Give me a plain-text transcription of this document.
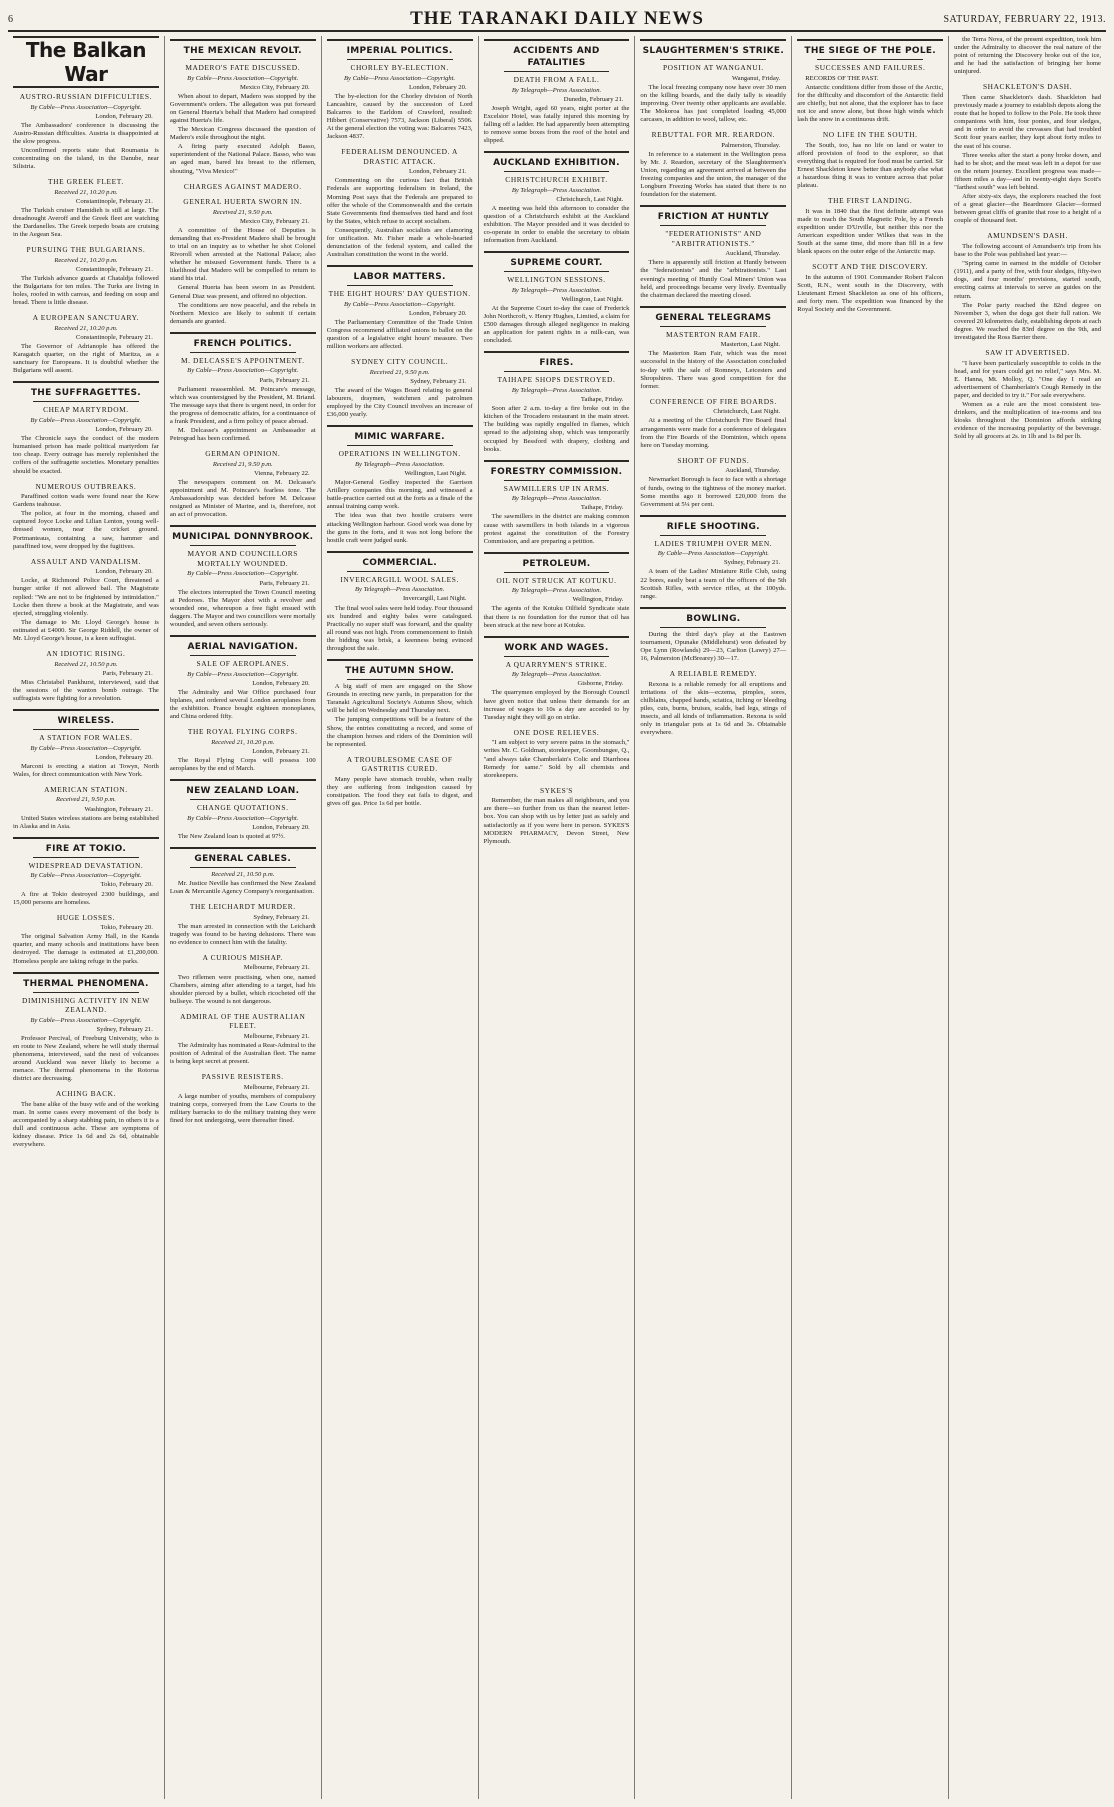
6	THE TARANAKI DAILY NEWS	SATURDAY, FEBRUARY 22, 1913.
The Balkan War
AUSTRO-RUSSIAN DIFFICULTIES.
By Cable—Press Association—Copyright.
London, February 20.

The Ambassadors' conference is discussing the Austro-Russian difficulties. Austria is disappointed at the slow progress.

Unconfirmed reports state that Roumania is concentrating on the island, in the Danube, near Silistria.

THE GREEK FLEET.
Received 21, 10.20 p.m.
Constantinople, February 21.

The Turkish cruiser Hamidieh is still at large. The dreadnought Averoff and the Greek fleet are watching the Dardanelles. The Greek torpedo boats are cruising in the Aegean Sea.

PURSUING THE BULGARIANS.
Received 21, 10.20 p.m.
Constantinople, February 21.

The Turkish advance guards at Chataldja followed the Bulgarians for ten miles. The Turks are living in holes, roofed in with canvas, and feeding on soup and bread. There is little disease.

A EUROPEAN SANCTUARY.
Received 21, 10.20 p.m.
Constantinople, February 21.

The Governor of Adrianople has offered the Karagatch quarter, on the right of Maritza, as a sanctuary for Europeans. It is doubtful whether the Bulgarians will assent.

THE SUFFRAGETTES.
CHEAP MARTYRDOM.
By Cable—Press Association—Copyright.
London, February 20.

The Chronicle says the conduct of the modern humanised prison has made political martyrdom far too cheap. Every outrage has merely replenished the coffers of the suffragette societies. Monetary penalties should be exacted.

NUMEROUS OUTBREAKS.

Paraffined cotton wads were found near the Kew Gardens teahouse.

The police, at four in the morning, chased and captured Joyce Locke and Lilian Lenton, young well-dressed women, near the cricket ground. Portmanteaus, containing a saw, hammer and paraffined tow, were dropped by the fugitives.

ASSAULT AND VANDALISM.
London, February 20.

Locke, at Richmond Police Court, threatened a hunger strike if not allowed bail. The Magistrate replied: "We are not to be frightened by intimidation." Locke then threw a book at the Magistrate, and was ejected, struggling violently.

The damage to Mr. Lloyd George's house is estimated at £4000. Sir George Riddell, the owner of Mr. Lloyd George's house, is a keen suffragist.

AN IDIOTIC RISING.
Received 21, 10.50 p.m.
Paris, February 21.

Miss Christabel Pankhurst, interviewed, said that the sessions of the wanton bomb outrage. The suffragists were fighting for a revolution.

WIRELESS.
A STATION FOR WALES.
By Cable—Press Association—Copyright.
London, February 20.

Marconi is erecting a station at Towyn, North Wales, for direct communication with New York.

AMERICAN STATION.
Received 21, 9.50 p.m.
Washington, February 21.

United States wireless stations are being established in Alaska and in Asia.

FIRE AT TOKIO.
WIDESPREAD DEVASTATION.
By Cable—Press Association—Copyright.
Tokio, February 20.

A fire at Tokio destroyed 2300 buildings, and 15,000 persons are homeless.

HUGE LOSSES.
Tokio, February 20.

The original Salvation Army Hall, in the Kanda quarter, and many schools and institutions have been destroyed. The damage is estimated at £1,200,000. Homeless people are taking refuge in the parks.

THERMAL PHENOMENA.
DIMINISHING ACTIVITY IN NEW ZEALAND.
By Cable—Press Association—Copyright.
Sydney, February 21.

Professor Percival, of Freeburg University, who is en route to New Zealand, where he will study thermal phenomena, interviewed, said the nest of volcanoes around Auckland was never likely to become a menace. The thermal phenomena in the Rotorua district are decreasing.

ACHING BACK.

The bane alike of the busy wife and of the working man. In some cases every movement of the body is accompanied by a sharp stabbing pain, in others it is a dull and continuous ache. These are symptoms of kidney disease. Price 1s 6d and 2s 6d, obtainable everywhere.

THE MEXICAN REVOLT.
MADERO'S FATE DISCUSSED.
By Cable—Press Association—Copyright.
Mexico City, February 20.

When about to depart, Madero was stopped by the Government's orders. The allegation was put forward on General Huerta's behalf that Madero had conspired against Huerta's life.

The Mexican Congress discussed the question of Madero's exile throughout the night.

A firing party executed Adolph Basso, superintendent of the National Palace. Basso, who was an aged man, bared his breast to the riflemen, shouting, "Viva Mexico!"

CHARGES AGAINST MADERO.
GENERAL HUERTA SWORN IN.
Received 21, 9.50 p.m.
Mexico City, February 21.

A committee of the House of Deputies is demanding that ex-President Madero shall be brought to trial on an inquiry as to whether he shot Colonel Rivoroll when arrested at the National Palace; also whether he misused Government funds. There is a likelihood that Madero will be compelled to return to stand his trial.

General Huerta has been sworn in as President. General Diaz was present, and offered no objection.

The conditions are now peaceful, and the rebels in Northern Mexico are likely to submit if certain demands are granted.

FRENCH POLITICS.
M. DELCASSE'S APPOINTMENT.
By Cable—Press Association—Copyright.
Paris, February 21.

Parliament reassembled. M. Poincare's message, which was countersigned by the President, M. Briand. The message says that there is urgent need, in order for the progress of democratic affairs, for a continuance of a frank President, and a firm policy of peace abroad.

M. Delcasse's appointment as Ambassador at Petrograd has been confirmed.

GERMAN OPINION.
Received 21, 9.50 p.m.
Vienna, February 22.

The newspapers comment on M. Delcasse's appointment and M. Poincare's fearless tone. The Ambassadorship was decided before M. Delcasse resigned as Minister of Marine, and is, therefore, not an act of provocation.

MUNICIPAL DONNYBROOK.
MAYOR AND COUNCILLORS MORTALLY WOUNDED.
By Cable—Press Association—Copyright.
Paris, February 21.

The electors interrupted the Town Council meeting at Pedoroes. The Mayor shot with a revolver and wounded one, whereupon a free fight ensued with daggers. The Mayor and two councillors were mortally wounded, and seven others seriously.

AERIAL NAVIGATION.
SALE OF AEROPLANES.
By Cable—Press Association—Copyright.
London, February 20.

The Admiralty and War Office purchased four biplanes, and ordered several London aeroplanes from the exhibition. France bought eighteen monoplanes, and China ordered fifty.

THE ROYAL FLYING CORPS.
Received 21, 10.20 p.m.
London, February 21.

The Royal Flying Corps will possess 100 aeroplanes by the end of March.

NEW ZEALAND LOAN.
CHANGE QUOTATIONS.
By Cable—Press Association—Copyright.
London, February 20.

The New Zealand loan is quoted at 97½.

GENERAL CABLES.
Received 21, 10.50 p.m.

Mr. Justice Neville has confirmed the New Zealand Loan & Mercantile Agency Company's reorganisation.

THE LEICHARDT MURDER.
Sydney, February 21.

The man arrested in connection with the Leichardt tragedy was found to be having delusions. There was no evidence to connect him with the fatality.

A CURIOUS MISHAP.
Melbourne, February 21.

Two riflemen were practising, when one, named Chambers, aiming after attending to a target, had his shoulder pierced by a bullet, which ricocheted off the bullseye. The wound is not dangerous.

ADMIRAL OF THE AUSTRALIAN FLEET.
Melbourne, February 21.

The Admiralty has nominated a Rear-Admiral to the position of Admiral of the Australian fleet. The name is being kept secret at present.

PASSIVE RESISTERS.
Melbourne, February 21.

A large number of youths, members of compulsory training corps, conveyed from the Law Courts to the military barracks to do the military training they were fined for not undergoing, were thereafter fined.

IMPERIAL POLITICS.
CHORLEY BY-ELECTION.
By Cable—Press Association—Copyright.
London, February 20.

The by-election for the Chorley division of North Lancashire, caused by the succession of Lord Balcarres to the Earldom of Crawford, resulted: Hibbert (Conservative) 7573, Jackson (Liberal) 5506. At the general election the voting was: Balcarres 7423, Jackson 4837.

FEDERALISM DENOUNCED. A DRASTIC ATTACK.
London, February 21.

Commenting on the curious fact that British Federals are supporting federalism in Ireland, the Morning Post says that the Federals are prepared to offer the whole of the Commonwealth and the certain State Governments find themselves tied hand and foot by the States, which refuse to accept socialism.

Consequently, Australian socialists are clamoring for unification. Mr. Fisher made a whole-hearted denunciation of the federal system, and called the Australian constitution the worst in the world.

LABOR MATTERS.
THE EIGHT HOURS' DAY QUESTION.
By Cable—Press Association—Copyright.
London, February 20.

The Parliamentary Committee of the Trade Union Congress recommend affiliated unions to ballot on the question of a legislative eight hours' measure. Two million workers are affected.

SYDNEY CITY COUNCIL.
Received 21, 9.50 p.m.
Sydney, February 21.

The award of the Wages Board relating to general labourers, draymen, watchmen and patrolmen employed by the City Council involves an increase of £36,000 yearly.

MIMIC WARFARE.
OPERATIONS IN WELLINGTON.
By Telegraph—Press Association.
Wellington, Last Night.

Major-General Godley inspected the Garrison Artillery companies this morning, and witnessed a battle-practice carried out at the forts as a finale of the annual training camp work.

The idea was that two hostile cruisers were attacking Wellington harbour. Good work was done by the guns in the forts, and it was not long before the hostile craft were judged sunk.

COMMERCIAL.
INVERCARGILL WOOL SALES.
By Telegraph—Press Association.
Invercargill, Last Night.

The final wool sales were held today. Four thousand six hundred and eighty bales were catalogued. Practically no super stuff was forward, and the quality all round was not high. From commencement to finish the bidding was brisk, a keenness being evinced throughout the sale.

THE AUTUMN SHOW.

A big staff of men are engaged on the Show Grounds in erecting new yards, in preparation for the Taranaki Agricultural Society's Autumn Show, which will be held on Wednesday and Thursday next.

The jumping competitions will be a feature of the Show, the entries constituting a record, and some of the champion horses and riders of the Dominion will be represented.

A TROUBLESOME CASE OF GASTRITIS CURED.

Many people have stomach trouble, when really they are suffering from indigestion caused by constipation. The food they eat fails to digest, and gives off gas. Price 1s 6d per bottle.

ACCIDENTS AND FATALITIES
DEATH FROM A FALL.
By Telegraph—Press Association.
Dunedin, February 21.

Joseph Wright, aged 60 years, night porter at the Excelsior Hotel, was fatally injured this morning by falling off a ladder. He had apparently been attempting to remove some boxes from the roof of the hotel and slipped.

AUCKLAND EXHIBITION.
CHRISTCHURCH EXHIBIT.
By Telegraph—Press Association.
Christchurch, Last Night.

A meeting was held this afternoon to consider the question of a Christchurch exhibit at the Auckland exhibition. The Mayor presided and it was decided to co-operate in order to enable the secretary to obtain information from Auckland.

SUPREME COURT.
WELLINGTON SESSIONS.
By Telegraph—Press Association.
Wellington, Last Night.

At the Supreme Court to-day the case of Frederick John Northcroft, v. Henry Hughes, Limited, a claim for £500 damages through alleged negligence in making an application for patent rights in a milk-can, was concluded.

FIRES.
TAIHAPE SHOPS DESTROYED.
By Telegraph—Press Association.
Taihape, Friday.

Soon after 2 a.m. to-day a fire broke out in the kitchen of the Trocadero restaurant in the main street. The building was rapidly engulfed in flames, which spread to the adjoining shop, which was temporarily occupied by Bessford with drapery, clothing and books.

FORESTRY COMMISSION.
SAWMILLERS UP IN ARMS.
By Telegraph—Press Association.
Taihape, Friday.

The sawmillers in the district are making common cause with sawmillers in both islands in a vigorous protest against the constitution of the Forestry Commission, and are preparing a petition.

PETROLEUM.
OIL NOT STRUCK AT KOTUKU.
By Telegraph—Press Association.
Wellington, Friday.

The agents of the Kotuku Oilfield Syndicate state that there is no foundation for the rumor that oil has been struck at the new bore at Kotuku.

WORK AND WAGES.
A QUARRYMEN'S STRIKE.
By Telegraph—Press Association.
Gisborne, Friday.

The quarrymen employed by the Borough Council have given notice that unless their demands for an increase of wages to 10s a day are acceded to by Tuesday night they will go on strike.

ONE DOSE RELIEVES.

"I am subject to very severe pains in the stomach," writes Mr. C. Goldman, storekeeper, Goombungee, Q., "and always take Chamberlain's Colic and Diarrhoea Remedy for same." Sold by all chemists and storekeepers.

SYKES'S

Remember, the man makes all neighbours, and you are there—so further from us than the nearest letter-box. You can shop with us by letter just as safely and satisfactorily as if you were here in person. SYKES'S MODERN PHARMACY, Devon Street, New Plymouth.

SLAUGHTERMEN'S STRIKE.
POSITION AT WANGANUI.
Wanganui, Friday.

The local freezing company now have over 30 men on the killing boards, and the daily tally is steadily improving. Over twenty other applicants are available. The Mokoroa has just completed loading 45,000 carcases, in addition to wool, tallow, etc.

REBUTTAL FOR MR. REARDON.
Palmerston, Thursday.

In reference to a statement in the Wellington press by Mr. J. Reardon, secretary of the Slaughtermen's Union, regarding an agreement arrived at between the freezing companies and the union, the manager of the Longburn Freezing Works has stated that there is no foundation for the statement.

FRICTION AT HUNTLY
"FEDERATIONISTS" AND "ARBITRATIONISTS."
Auckland, Thursday.

There is apparently still friction at Huntly between the "federationists" and the "arbitrationists." Last evening's meeting of Huntly Coal Miners' Union was held, and proceedings became very lively. Eventually the chairman declared the meeting closed.

GENERAL TELEGRAMS
MASTERTON RAM FAIR.
Masterton, Last Night.

The Masterton Ram Fair, which was the most successful in the history of the Association concluded to-day with the sale of Romneys, Leicesters and Shropshires. There was good competition for the former.

CONFERENCE OF FIRE BOARDS.
Christchurch, Last Night.

At a meeting of the Christchurch Fire Board final arrangements were made for a conference of delegates from the Fire Boards of the Dominion, which opens here on Tuesday morning.

SHORT OF FUNDS.
Auckland, Thursday.

Newmarket Borough is face to face with a shortage of funds, owing to the tightness of the money market. Some months ago it borrowed £20,000 from the Government at 5¼ per cent.

RIFLE SHOOTING.
LADIES TRIUMPH OVER MEN.
By Cable—Press Association—Copyright.
Sydney, February 21.

A team of the Ladies' Miniature Rifle Club, using 22 bores, easily beat a team of the officers of the 5th Scottish Rifles, with service rifles, at the 100yds. range.

BOWLING.

During the third day's play at the Eastown tournament, Opunake (Middlehurst) won defeated by Ope Lynn (Rowlands) 29—23, Carlton (Lawry) 27—16, Palmerston (McBrearey) 30—17.

A RELIABLE REMEDY.

Rexona is a reliable remedy for all eruptions and irritations of the skin—eczema, pimples, sores, chilblains, chapped hands, sciatica, itching or bleeding piles, cuts, burns, bruises, scalds, bad legs, stings of insects, and all kinds of inflammation. Rexona is sold only in triangular pots at 1s 6d and 3s. Obtainable everywhere.

THE SIEGE OF THE POLE.
SUCCESSES AND FAILURES.

RECORDS OF THE PAST.

Antarctic conditions differ from those of the Arctic, for the difficulty and discomfort of the Antarctic field are chiefly, but not alone, that the explorer has to face not ice and snow alone, but those high winds which lash the snow in a continuous drift.

NO LIFE IN THE SOUTH.

The South, too, has no life on land or water to afford provision of food to the explorer, so that everything that is required for food must be carried. Sir Ernest Shackleton knew better than anybody else what a hazardous thing it was to venture across that polar plateau.

THE FIRST LANDING.

It was in 1840 that the first definite attempt was made to reach the South Magnetic Pole, by a French expedition under D'Urville, but neither this nor the American expedition under Wilkes that was in the South at the same time, did more than fill in a few blank spaces on the outer edge of the Antarctic map.

SCOTT AND THE DISCOVERY.

In the autumn of 1901 Commander Robert Falcon Scott, R.N., went south in the Discovery, with Lieutenant Ernest Shackleton as one of his officers, and forty men. The expedition was financed by the Royal Society and the Government.

the Terra Nova, of the present expedition, took him under the Admiralty to discover the real nature of the point of returning the Discovery broke out of the ice, and he had the satisfaction of bringing her home uninjured.

SHACKLETON'S DASH.

Then came Shackleton's dash. Shackleton had previously made a journey to establish depots along the route that he hoped to follow to the Pole. He took three companions with him, four ponies, and four sledges, and in order to avoid the crevasses that had troubled Scott four years earlier, they kept about forty miles to the east of his course.

Three weeks after the start a pony broke down, and had to be shot; and the meat was left in a depot for use on the return journey. Excellent progress was made—fifteen miles a day—and in twenty-eight days Scott's "farthest south" was left behind.

After sixty-six days, the explorers reached the foot of a great glacier—the Beardmore Glacier—formed between great cliffs of granite that rose to a height of a couple of thousand feet.

AMUNDSEN'S DASH.

The following account of Amundsen's trip from his base to the Pole was published last year:—

"Spring came in earnest in the middle of October (1911), and a party of five, with four sledges, fifty-two dogs, and four months' provisions, started south, erecting cairns at intervals to serve as guides on the return.

The Polar party reached the 82nd degree on November 3, when the dogs got their full ration. We covered 20 kilometres daily, establishing depots at each degree. We reached the 83rd degree on the 9th, and investigated the Ross Barrier there.

SAW IT ADVERTISED.

"I have been particularly susceptible to colds in the head, and for years could get no relief," says Mrs. M. E. Hanna, Mt. Molloy, Q. "One day I read an advertisement of Chamberlain's Cough Remedy in the paper, and decided to try it." For sale everywhere.

Women as a rule are the most consistent tea-drinkers, and the multiplication of tea-rooms and tea kiosks throughout the Dominion affords striking evidence of the increasing popularity of the beverage. Sold by all grocers at 2s. in 1lb and 1s 8d per lb.
